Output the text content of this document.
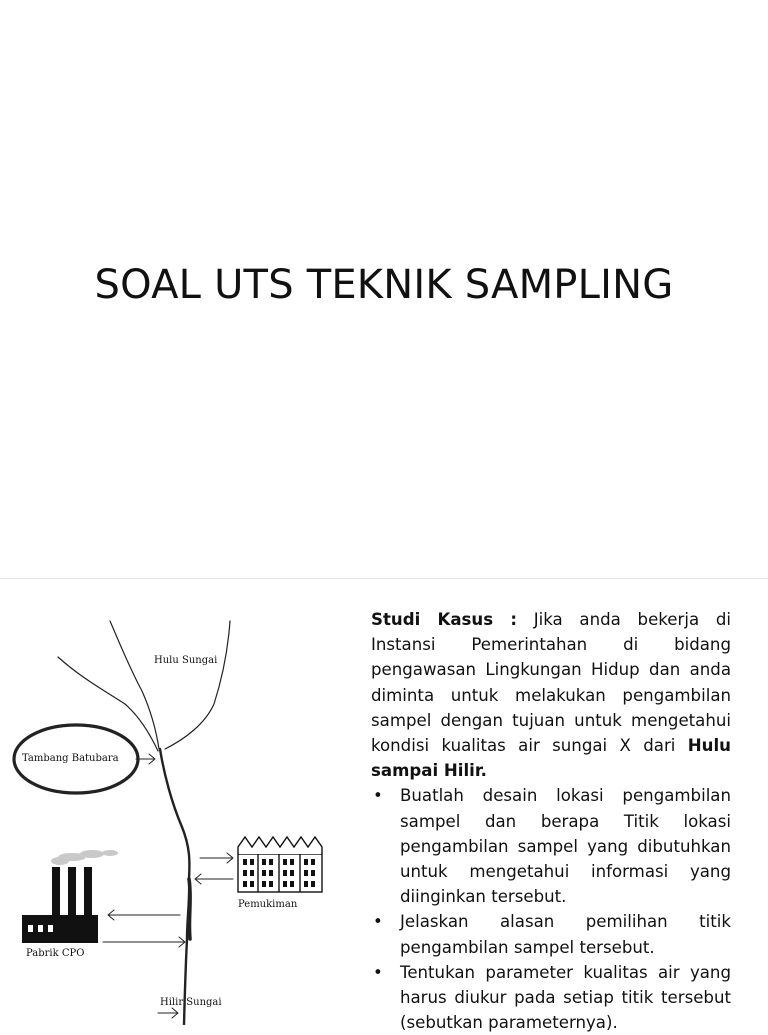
SOAL UTS TEKNIK SAMPLING
Hulu Sungai
Tambang Batubara
Pemukiman
Pabrik CPO
Hilir Sungai

Studi Kasus : Jika anda bekerja di Instansi Pemerintahan di bidang pengawasan Lingkungan Hidup dan anda diminta untuk melakukan pengambilan sampel dengan tujuan untuk mengetahui kondisi kualitas air sungai X dari Hulu sampai Hilir.

• Buatlah desain lokasi pengambilan sampel dan berapa Titik lokasi pengambilan sampel yang dibutuhkan untuk mengetahui informasi yang diinginkan tersebut.
• Jelaskan alasan pemilihan titik pengambilan sampel tersebut.
• Tentukan parameter kualitas air yang harus diukur pada setiap titik tersebut (sebutkan parameternya).
